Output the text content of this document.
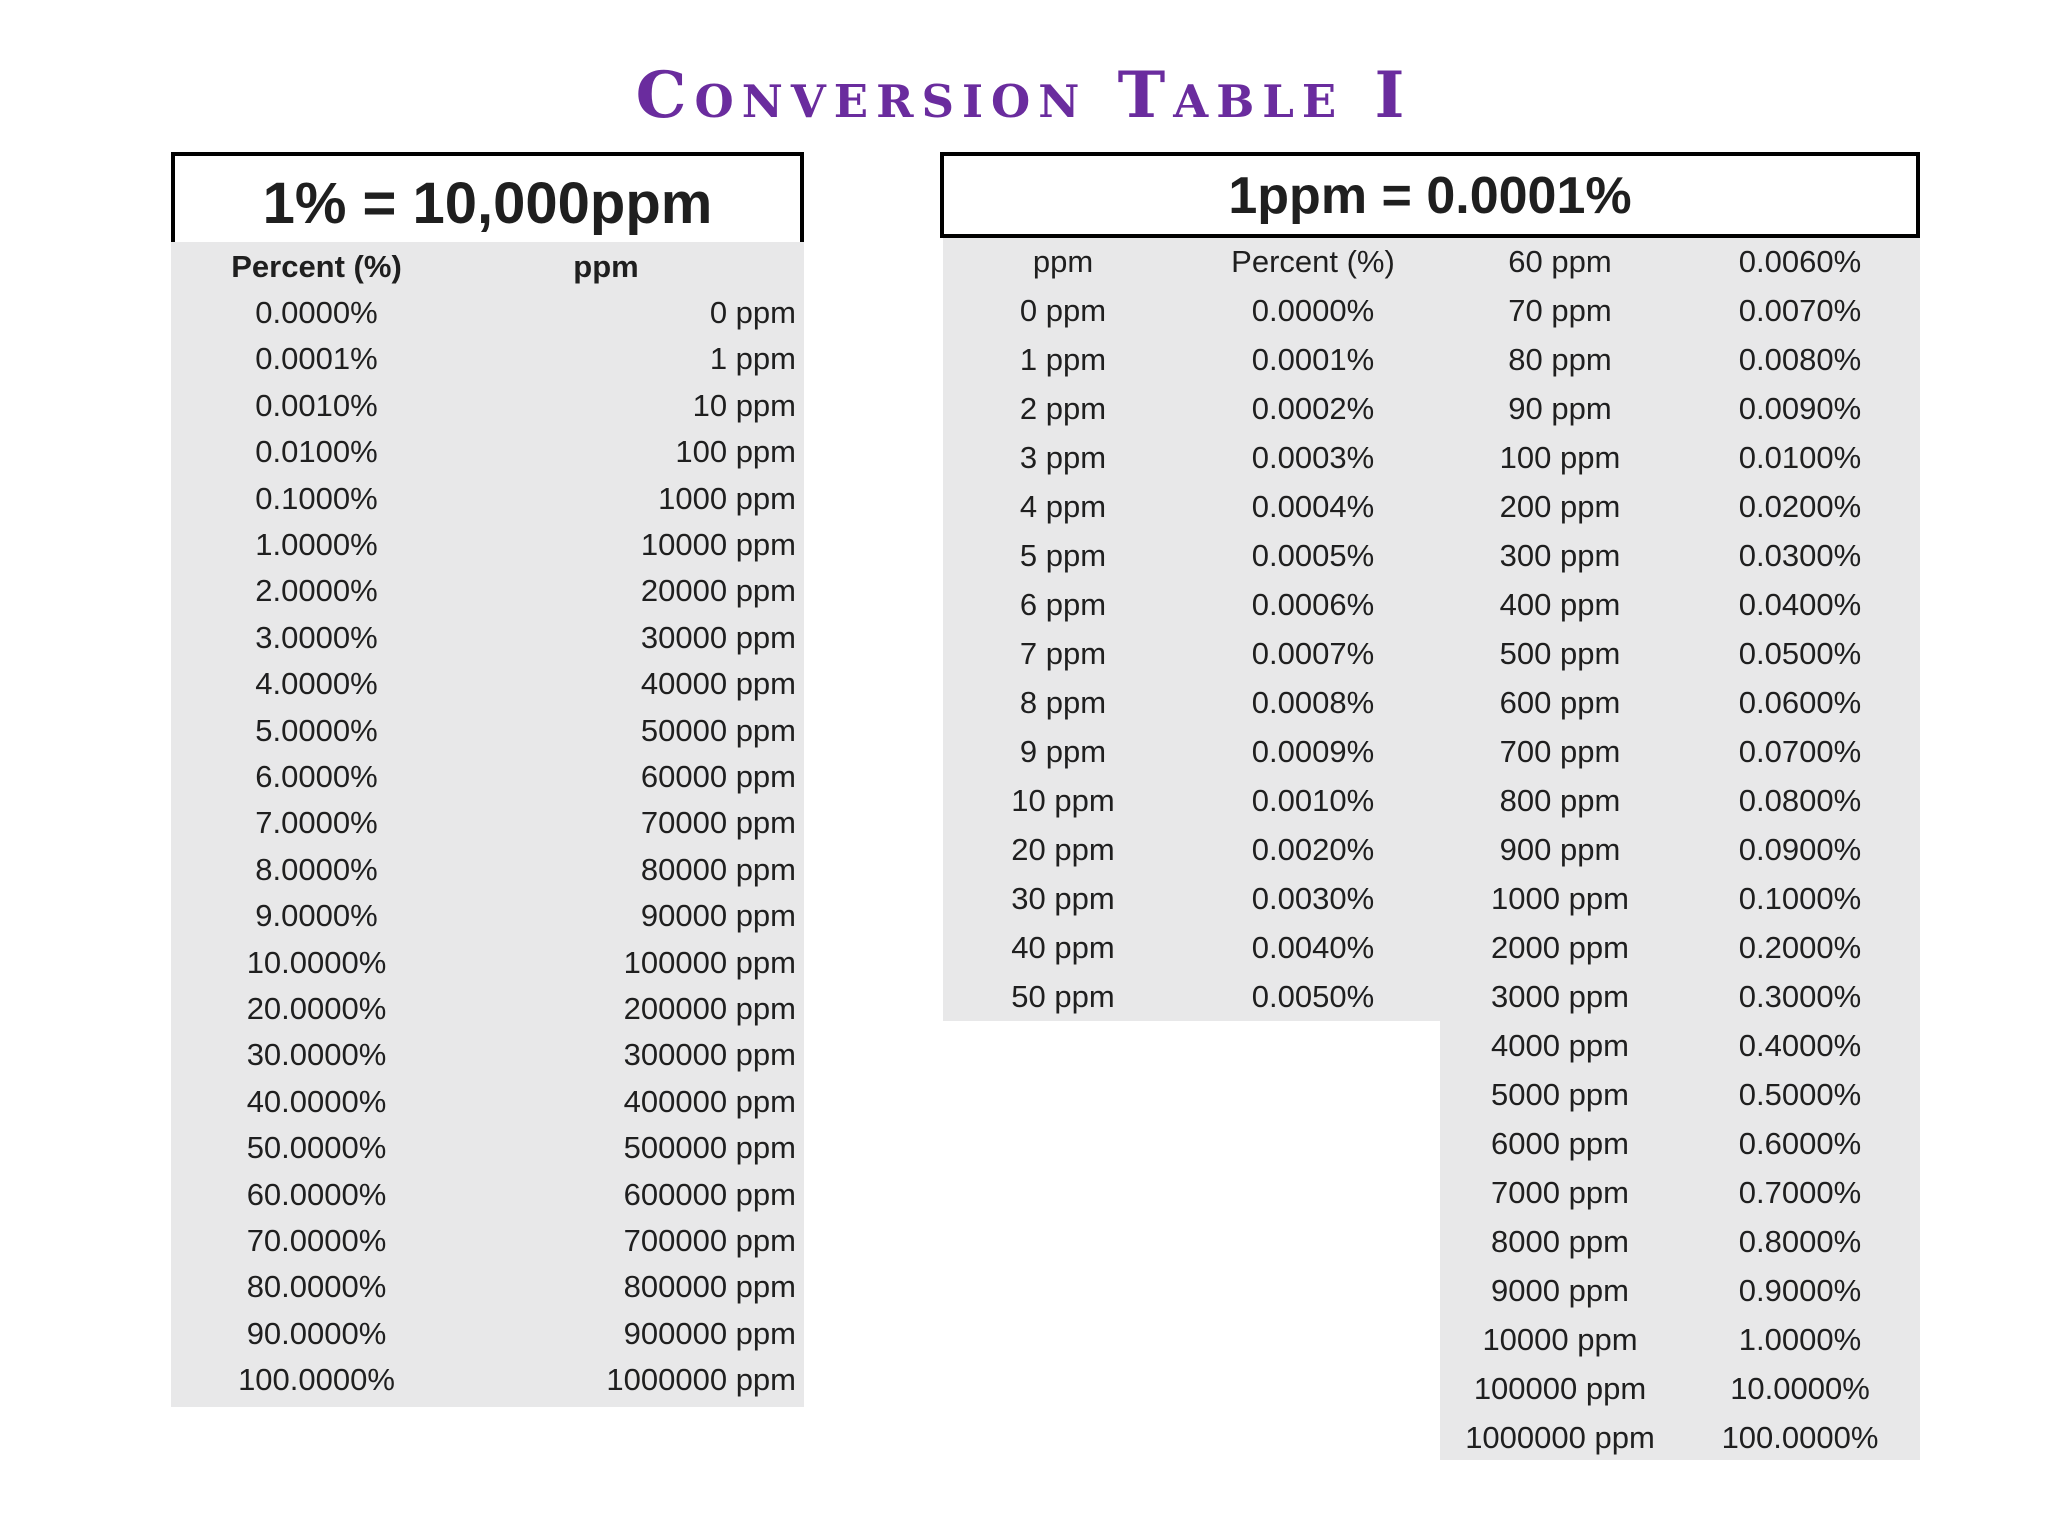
Conversion Table I
1% = 10,000ppm
Percent (%)	ppm
0.0000%	0 ppm
0.0001%	1 ppm
0.0010%	10 ppm
0.0100%	100 ppm
0.1000%	1000 ppm
1.0000%	10000 ppm
2.0000%	20000 ppm
3.0000%	30000 ppm
4.0000%	40000 ppm
5.0000%	50000 ppm
6.0000%	60000 ppm
7.0000%	70000 ppm
8.0000%	80000 ppm
9.0000%	90000 ppm
10.0000%	100000 ppm
20.0000%	200000 ppm
30.0000%	300000 ppm
40.0000%	400000 ppm
50.0000%	500000 ppm
60.0000%	600000 ppm
70.0000%	700000 ppm
80.0000%	800000 ppm
90.0000%	900000 ppm
100.0000%	1000000 ppm
1ppm = 0.0001%
ppm	Percent (%)
0 ppm	0.0000%
1 ppm	0.0001%
2 ppm	0.0002%
3 ppm	0.0003%
4 ppm	0.0004%
5 ppm	0.0005%
6 ppm	0.0006%
7 ppm	0.0007%
8 ppm	0.0008%
9 ppm	0.0009%
10 ppm	0.0010%
20 ppm	0.0020%
30 ppm	0.0030%
40 ppm	0.0040%
50 ppm	0.0050%
60 ppm	0.0060%
70 ppm	0.0070%
80 ppm	0.0080%
90 ppm	0.0090%
100 ppm	0.0100%
200 ppm	0.0200%
300 ppm	0.0300%
400 ppm	0.0400%
500 ppm	0.0500%
600 ppm	0.0600%
700 ppm	0.0700%
800 ppm	0.0800%
900 ppm	0.0900%
1000 ppm	0.1000%
2000 ppm	0.2000%
3000 ppm	0.3000%
4000 ppm	0.4000%
5000 ppm	0.5000%
6000 ppm	0.6000%
7000 ppm	0.7000%
8000 ppm	0.8000%
9000 ppm	0.9000%
10000 ppm	1.0000%
100000 ppm	10.0000%
1000000 ppm	100.0000%
